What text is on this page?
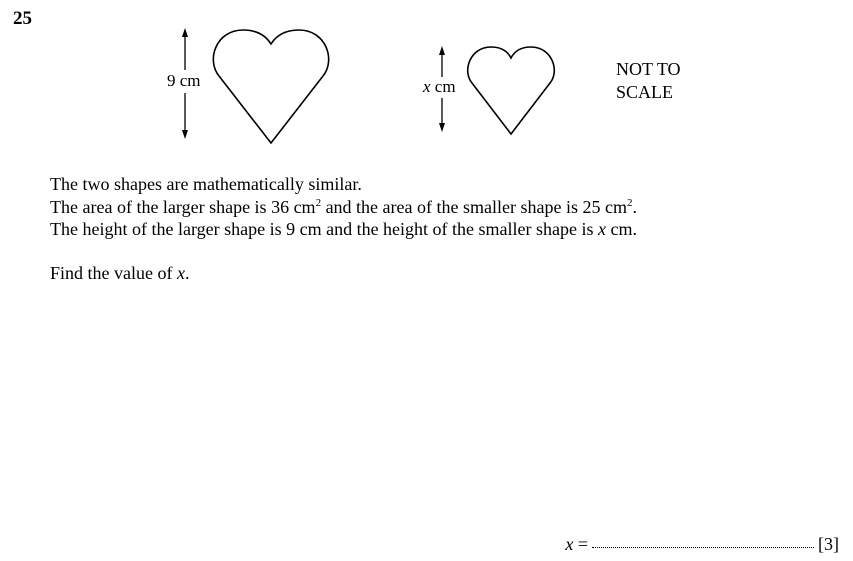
25
9 cm	x cm
NOT TO
SCALE

The two shapes are mathematically similar.

The area of the larger shape is 36 $cm^2$ and the area of the smaller shape is 25 $cm^2$.

The height of the larger shape is 9 cm and the height of the smaller shape is x cm.

Find the value of x.
x =	[3]
